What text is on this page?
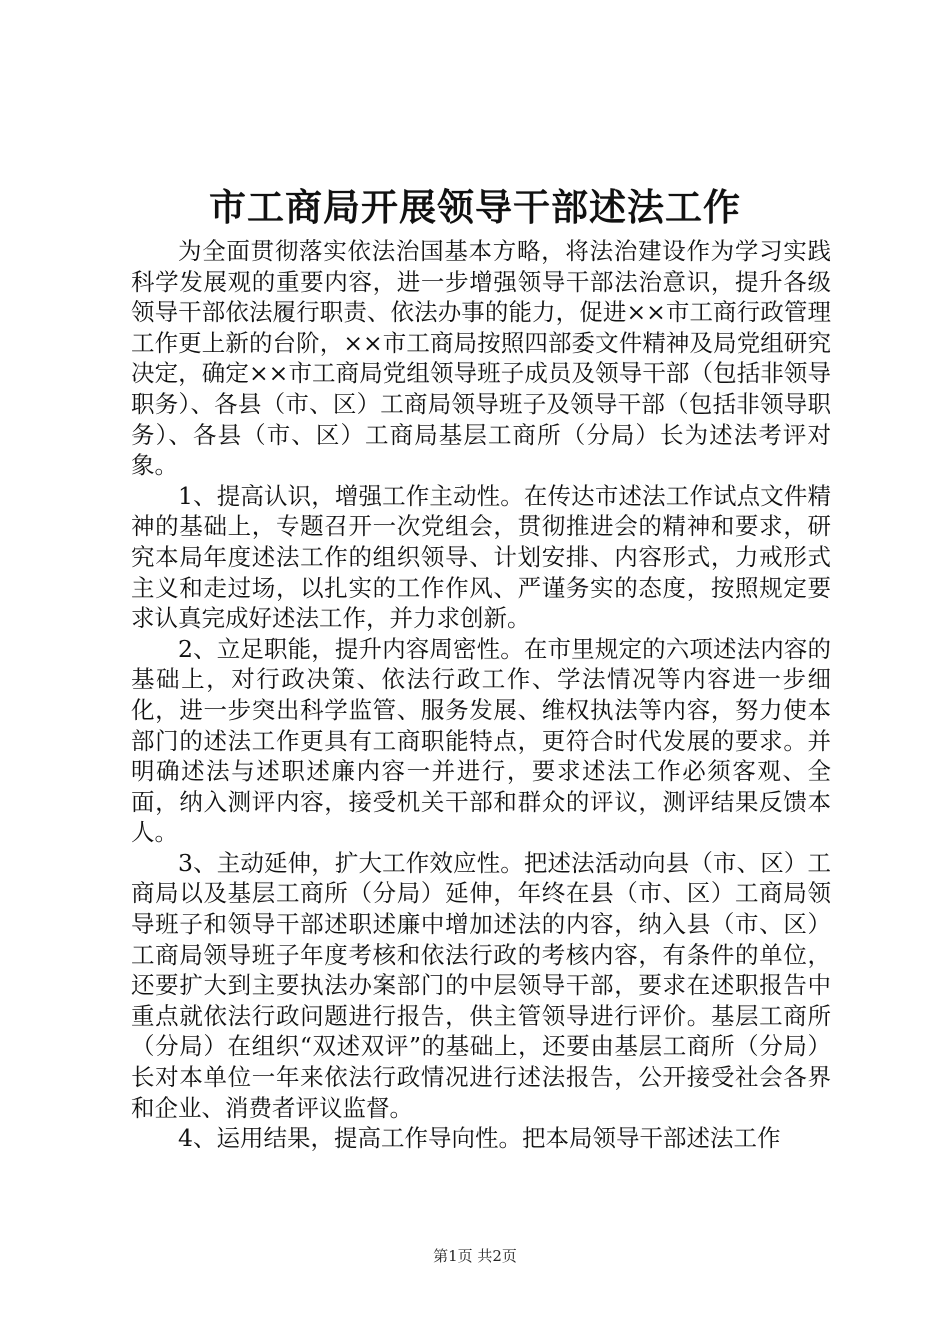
市工商局开展领导干部述法工作

为全面贯彻落实依法治国基本方略，将法治建设作为学习实践科学发展观的重要内容，进一步增强领导干部法治意识，提升各级领导干部依法履行职责、依法办事的能力，促进××市工商行政管理工作更上新的台阶，××市工商局按照四部委文件精神及局党组研究决定，确定××市工商局党组领导班子成员及领导干部（包括非领导职务）、各县（市、区）工商局领导班子及领导干部（包括非领导职务）、各县（市、区）工商局基层工商所（分局）长为述法考评对象。

1、提高认识，增强工作主动性。在传达市述法工作试点文件精神的基础上，专题召开一次党组会，贯彻推进会的精神和要求，研究本局年度述法工作的组织领导、计划安排、内容形式，力戒形式主义和走过场，以扎实的工作作风、严谨务实的态度，按照规定要求认真完成好述法工作，并力求创新。

2、立足职能，提升内容周密性。在市里规定的六项述法内容的基础上，对行政决策、依法行政工作、学法情况等内容进一步细化，进一步突出科学监管、服务发展、维权执法等内容，努力使本部门的述法工作更具有工商职能特点，更符合时代发展的要求。并明确述法与述职述廉内容一并进行，要求述法工作必须客观、全面，纳入测评内容，接受机关干部和群众的评议，测评结果反馈本人。

3、主动延伸，扩大工作效应性。把述法活动向县（市、区）工商局以及基层工商所（分局）延伸，年终在县（市、区）工商局领导班子和领导干部述职述廉中增加述法的内容，纳入县（市、区）工商局领导班子年度考核和依法行政的考核内容，有条件的单位，还要扩大到主要执法办案部门的中层领导干部，要求在述职报告中重点就依法行政问题进行报告，供主管领导进行评价。基层工商所（分局）在组织“双述双评”的基础上，还要由基层工商所（分局）长对本单位一年来依法行政情况进行述法报告，公开接受社会各界和企业、消费者评议监督。

4、运用结果，提高工作导向性。把本局领导干部述法工作

第1页 共2页
